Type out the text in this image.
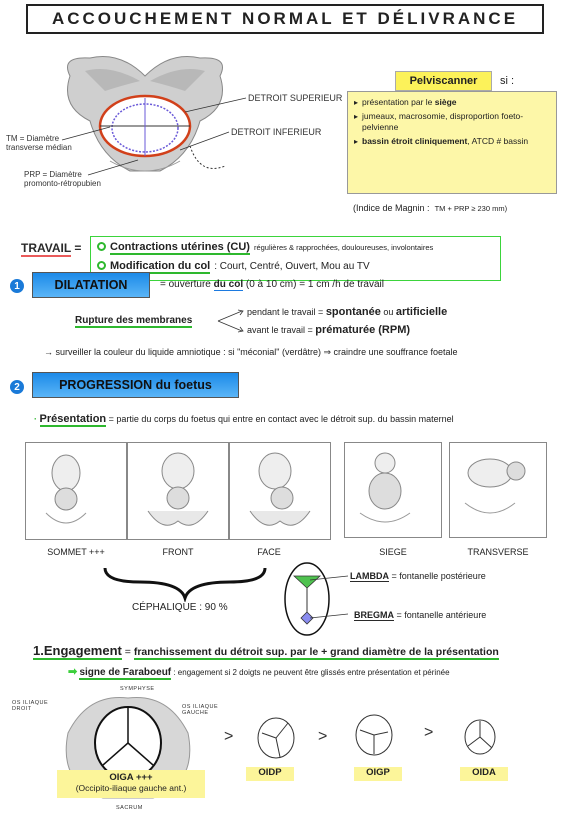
ACCOUCHEMENT NORMAL ET DÉLIVRANCE
DETROIT SUPERIEUR
DETROIT INFERIEUR
TM = Diamètre
transverse médian
PRP = Diamètre
promonto-rétropubien
Pelviscanner	si :
▸ présentation par le siège
▸ jumeaux, macrosomie, disproportion foeto-pelvienne
▸ bassin étroit cliniquement, ATCD # bassin
(Indice de Magnin : TM + PRP ≥ 230 mm)
TRAVAIL =	Contractions utérines (CU) régulières & rapprochées, douloureuses, involontaires
Modification du col : Court, Centré, Ouvert, Mou au TV
1	DILATATION	= ouverture du col (0 à 10 cm) = 1 cm /h de travail
Rupture des membranes
pendant le travail = spontanée ou artificielle
avant le travail = prématurée (RPM)
→ surveiller la couleur du liquide amniotique : si "méconial" (verdâtre) ⇒ craindre une souffrance foetale
2	PROGRESSION du foetus
· Présentation = partie du corps du foetus qui entre en contact avec le détroit sup. du bassin maternel
SOMMET +++	FRONT	FACE	SIEGE	TRANSVERSE
CÉPHALIQUE : 90 %
LAMBDA = fontanelle postérieure
BREGMA = fontanelle antérieure
1.Engagement = franchissement du détroit sup. par le + grand diamètre de la présentation
➡ signe de Faraboeuf : engagement si 2 doigts ne peuvent être glissés entre présentation et périnée
SYMPHYSE
OS ILIAQUE
DROIT	OS ILIAQUE
GAUCHE
OIGA +++
(Occipito-iliaque gauche ant.)
SACRUM
>
OIDP
>
OIGP
>
OIDA
